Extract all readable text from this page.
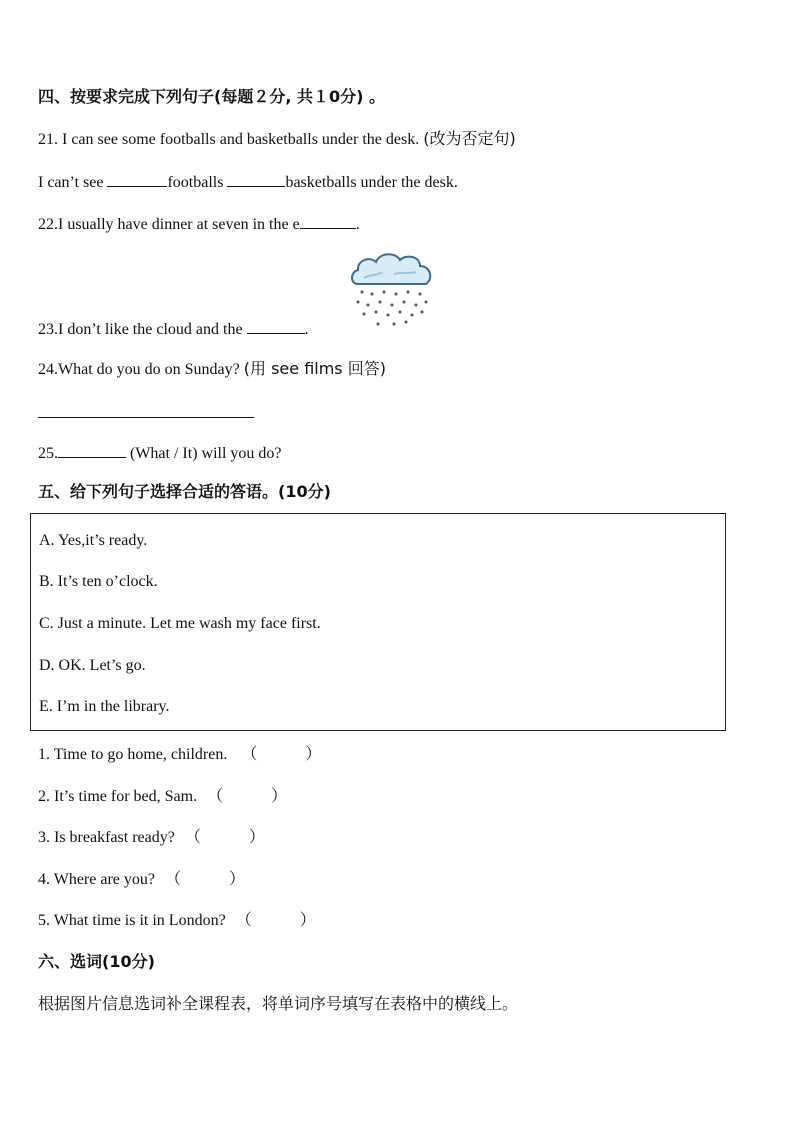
四、按要求完成下列句子(每题２分, 共１0分) 。
21. I can see some footballs and basketballs under the desk. (改为否定句)
I can’t see	footballs	basketballs under the desk.
22.I usually have dinner at seven in the e	.
23.I don’t like the cloud and the	.
24.What do you do on Sunday? (用 see films 回答)
25.	(What / It) will you do?
五、给下列句子选择合适的答语。(10分)
A. Yes,it’s ready.
B. It’s ten o’clock.
C. Just a minute. Let me wash my face first.
D. OK. Let’s go.
E. I’m in the library.
1. Time to go home, children. （	）
2. It’s time for bed, Sam. （	）
3. Is breakfast ready? （	）
4. Where are you? （	）
5. What time is it in London? （	）
六、选词(10分)
根据图片信息选词补全课程表，将单词序号填写在表格中的横线上。
